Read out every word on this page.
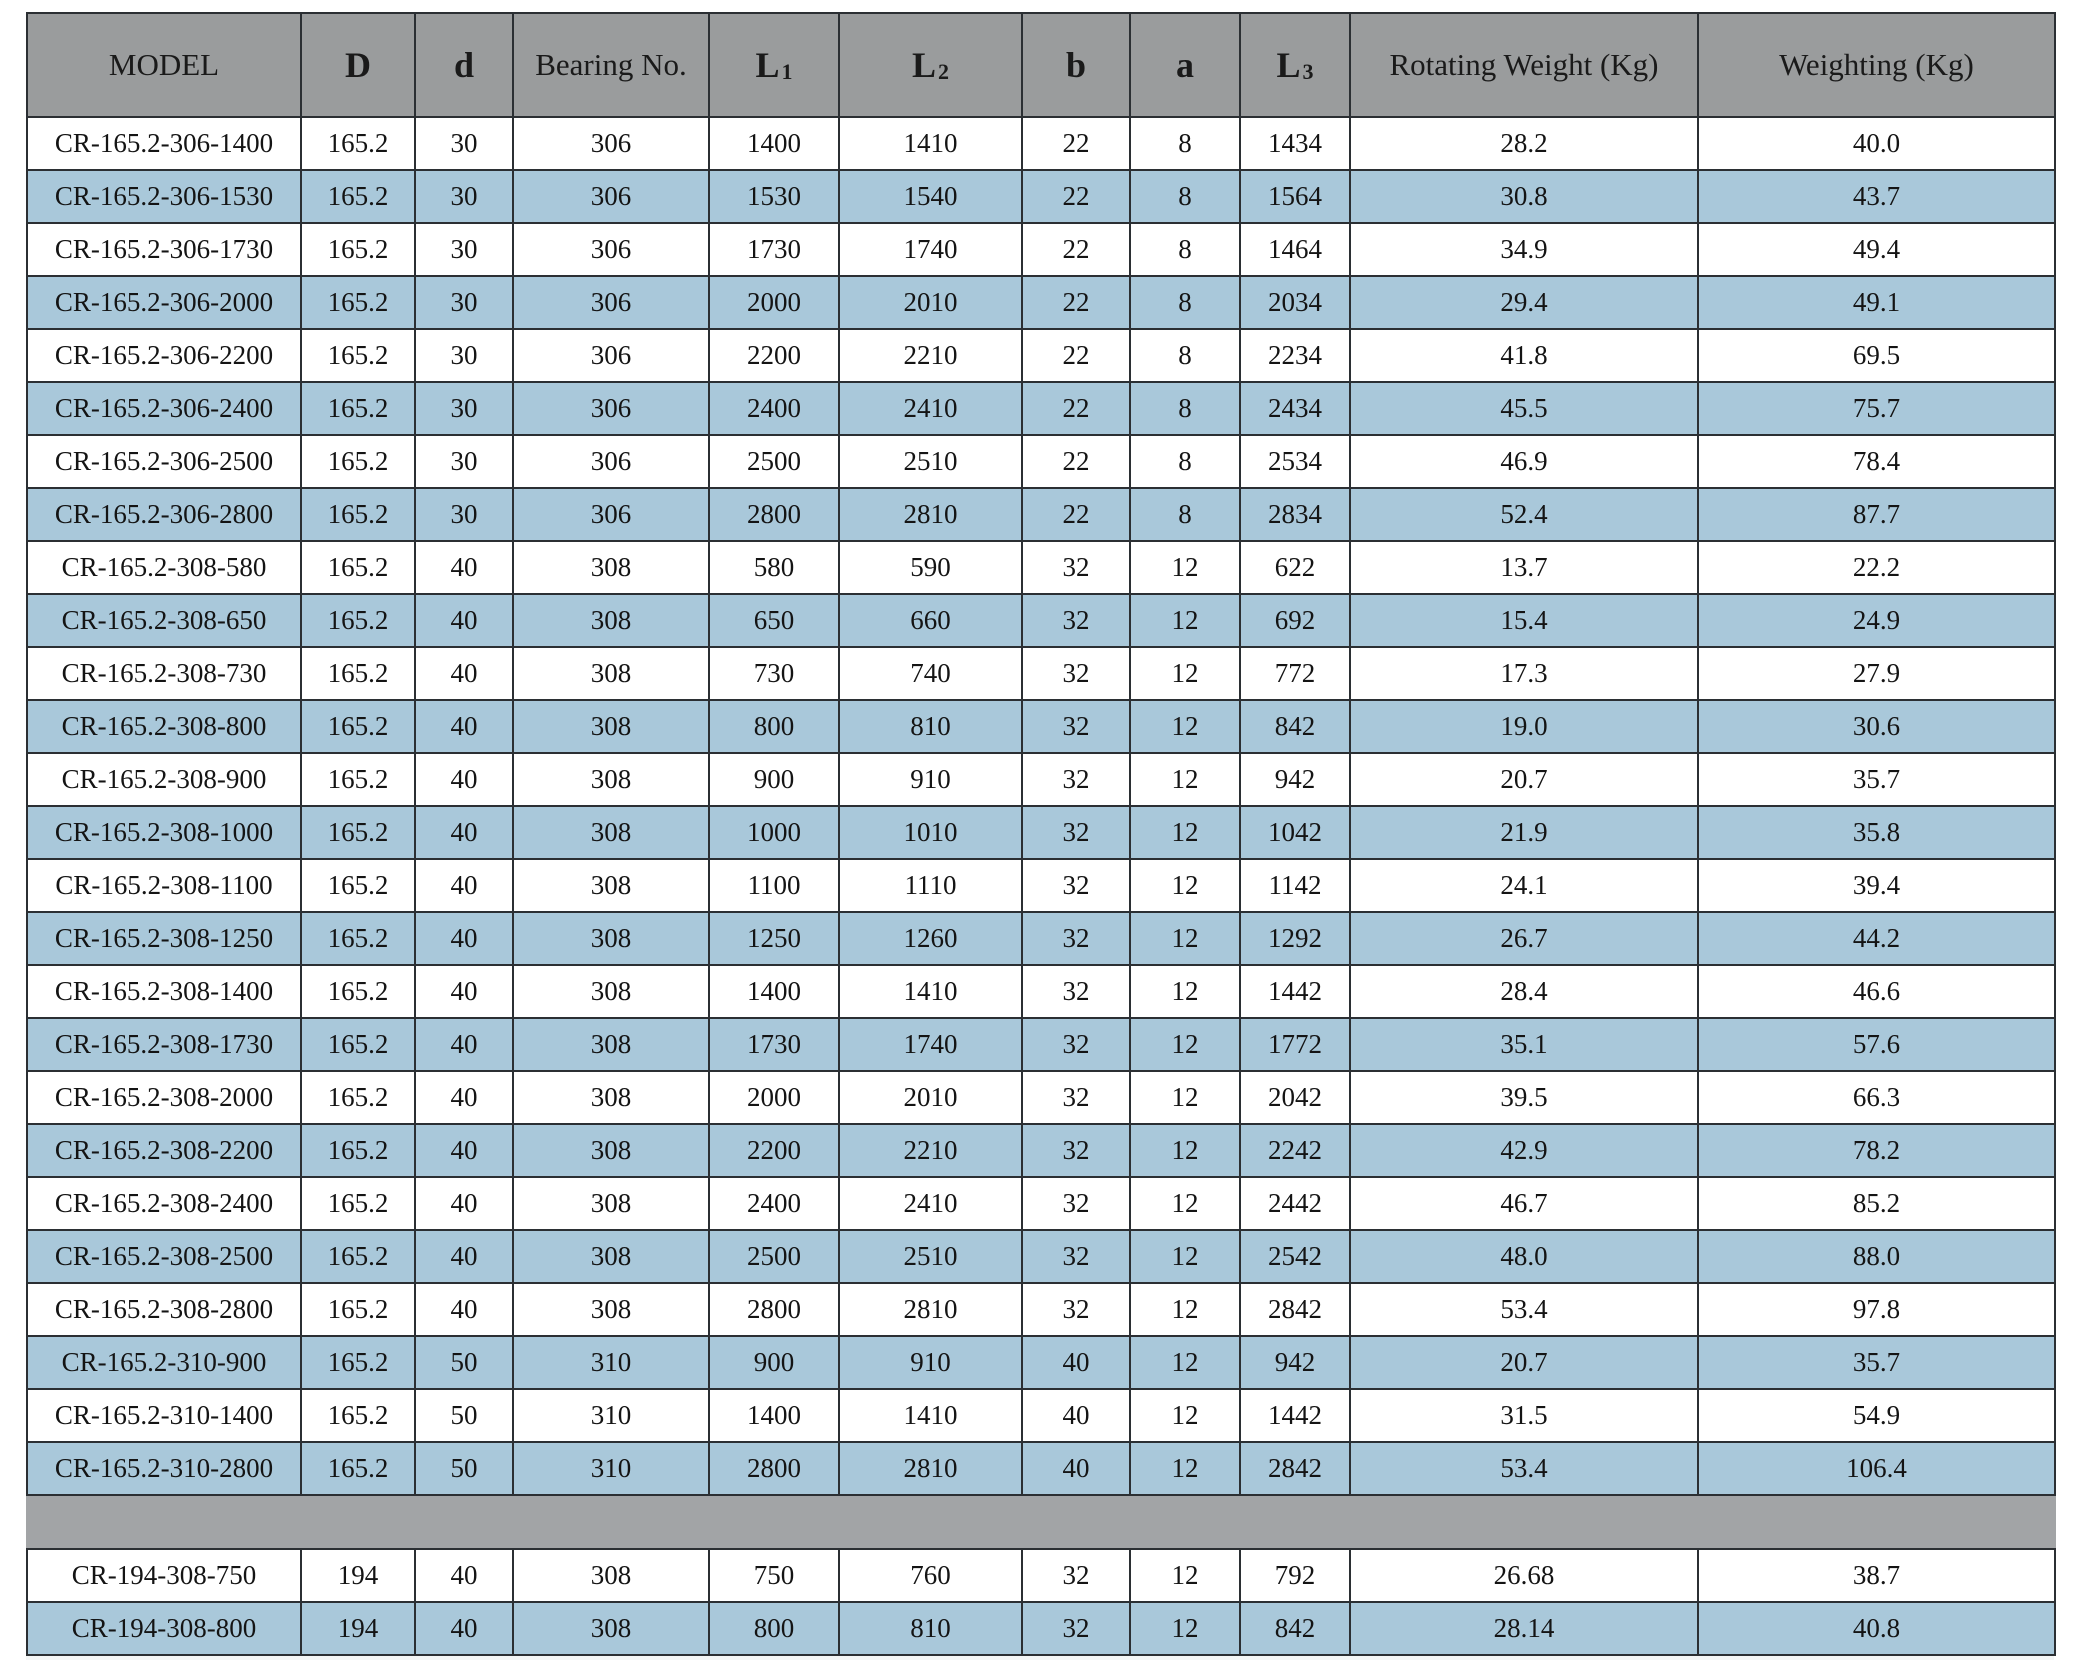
MODEL	D	d	Bearing No.	L1	L2	b	a	L3	Rotating Weight (Kg)	Weighting (Kg)
CR-165.2-306-1400	165.2	30	306	1400	1410	22	8	1434	28.2	40.0
CR-165.2-306-1530	165.2	30	306	1530	1540	22	8	1564	30.8	43.7
CR-165.2-306-1730	165.2	30	306	1730	1740	22	8	1464	34.9	49.4
CR-165.2-306-2000	165.2	30	306	2000	2010	22	8	2034	29.4	49.1
CR-165.2-306-2200	165.2	30	306	2200	2210	22	8	2234	41.8	69.5
CR-165.2-306-2400	165.2	30	306	2400	2410	22	8	2434	45.5	75.7
CR-165.2-306-2500	165.2	30	306	2500	2510	22	8	2534	46.9	78.4
CR-165.2-306-2800	165.2	30	306	2800	2810	22	8	2834	52.4	87.7
CR-165.2-308-580	165.2	40	308	580	590	32	12	622	13.7	22.2
CR-165.2-308-650	165.2	40	308	650	660	32	12	692	15.4	24.9
CR-165.2-308-730	165.2	40	308	730	740	32	12	772	17.3	27.9
CR-165.2-308-800	165.2	40	308	800	810	32	12	842	19.0	30.6
CR-165.2-308-900	165.2	40	308	900	910	32	12	942	20.7	35.7
CR-165.2-308-1000	165.2	40	308	1000	1010	32	12	1042	21.9	35.8
CR-165.2-308-1100	165.2	40	308	1100	1110	32	12	1142	24.1	39.4
CR-165.2-308-1250	165.2	40	308	1250	1260	32	12	1292	26.7	44.2
CR-165.2-308-1400	165.2	40	308	1400	1410	32	12	1442	28.4	46.6
CR-165.2-308-1730	165.2	40	308	1730	1740	32	12	1772	35.1	57.6
CR-165.2-308-2000	165.2	40	308	2000	2010	32	12	2042	39.5	66.3
CR-165.2-308-2200	165.2	40	308	2200	2210	32	12	2242	42.9	78.2
CR-165.2-308-2400	165.2	40	308	2400	2410	32	12	2442	46.7	85.2
CR-165.2-308-2500	165.2	40	308	2500	2510	32	12	2542	48.0	88.0
CR-165.2-308-2800	165.2	40	308	2800	2810	32	12	2842	53.4	97.8
CR-165.2-310-900	165.2	50	310	900	910	40	12	942	20.7	35.7
CR-165.2-310-1400	165.2	50	310	1400	1410	40	12	1442	31.5	54.9
CR-165.2-310-2800	165.2	50	310	2800	2810	40	12	2842	53.4	106.4

CR-194-308-750	194	40	308	750	760	32	12	792	26.68	38.7
CR-194-308-800	194	40	308	800	810	32	12	842	28.14	40.8
